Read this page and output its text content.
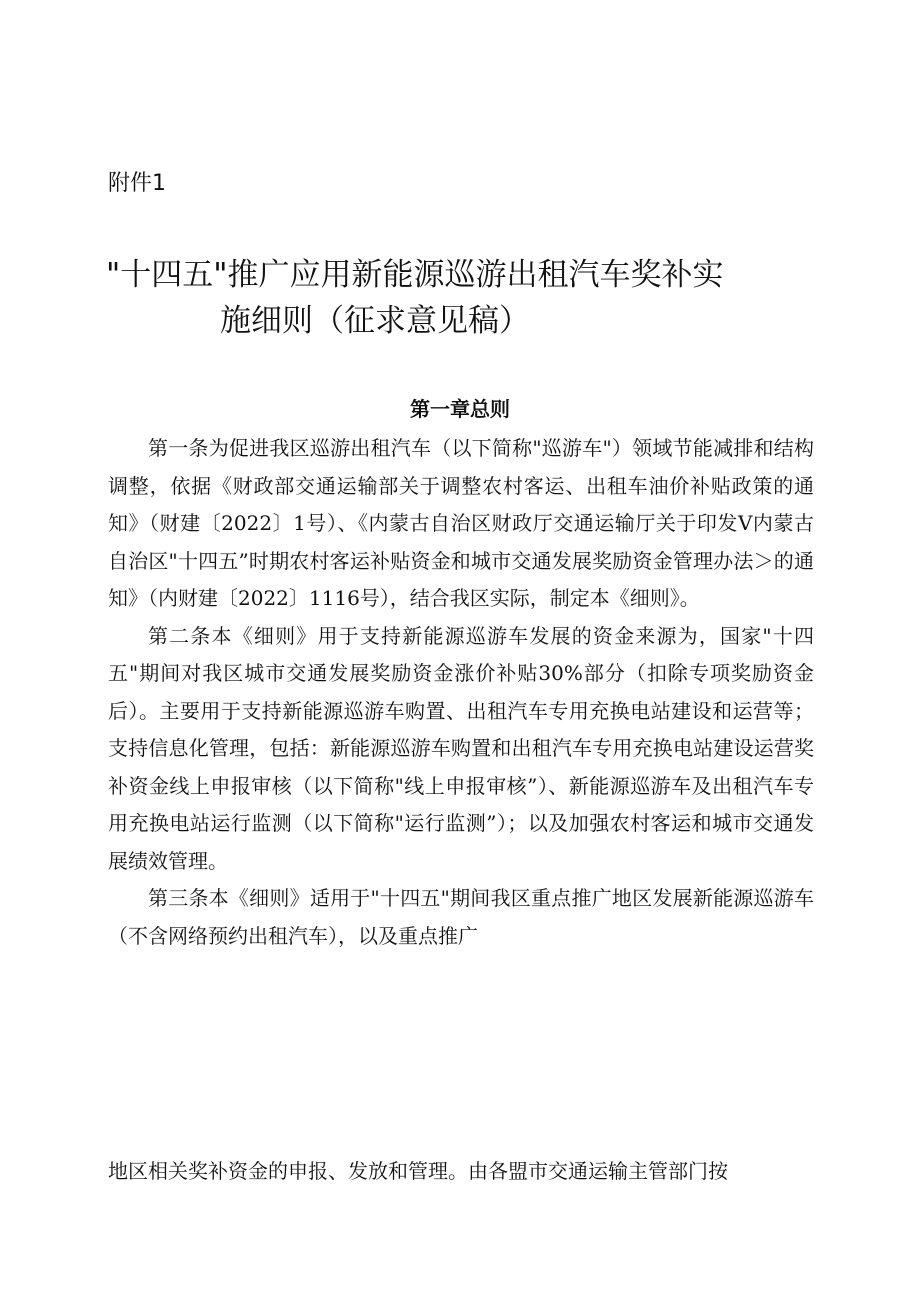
附件1
"十四五"推广应用新能源巡游出租汽车奖补实
施细则（征求意见稿）
第一章总则

第一条为促进我区巡游出租汽车（以下简称"巡游车"）领域节能减排和结构调整，依据《财政部交通运输部关于调整农村客运、出租车油价补贴政策的通知》（财建〔2022〕1号）、《内蒙古自治区财政厅交通运输厅关于印发V内蒙古自治区"十四五”时期农村客运补贴资金和城市交通发展奖励资金管理办法＞的通知》（内财建〔2022〕1116号），结合我区实际，制定本《细则》。

第二条本《细则》用于支持新能源巡游车发展的资金来源为，国家"十四五"期间对我区城市交通发展奖励资金涨价补贴30%部分（扣除专项奖励资金后）。主要用于支持新能源巡游车购置、出租汽车专用充换电站建设和运营等；支持信息化管理，包括：新能源巡游车购置和出租汽车专用充换电站建设运营奖补资金线上申报审核（以下简称"线上申报审核”）、新能源巡游车及出租汽车专用充换电站运行监测（以下简称"运行监测”）；以及加强农村客运和城市交通发展绩效管理。

第三条本《细则》适用于"十四五"期间我区重点推广地区发展新能源巡游车（不含网络预约出租汽车），以及重点推广

地区相关奖补资金的申报、发放和管理。由各盟市交通运输主管部门按
